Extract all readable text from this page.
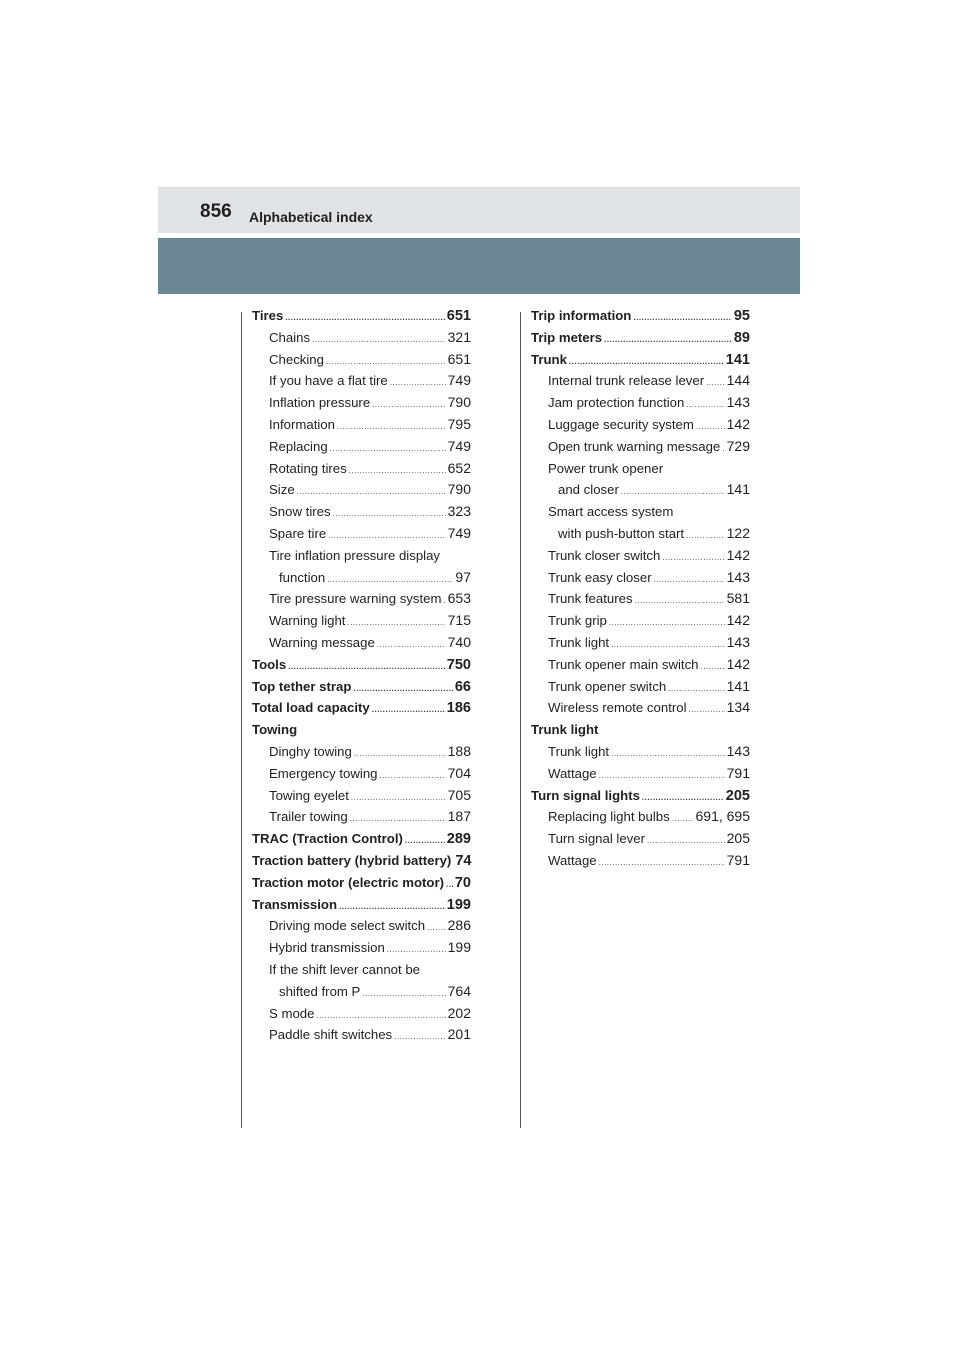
856 Alphabetical index
Tires .....	651
Chains .....	321
Checking .....	651
If you have a flat tire .....	749
Inflation pressure .....	790
Information .....	795
Replacing .....	749
Rotating tires .....	652
Size .....	790
Snow tires .....	323
Spare tire .....	749
Tire inflation pressure display
function .....	97
Tire pressure warning system ..... 653
Warning light .....	715
Warning message .....	740
Tools .....	750
Top tether strap .....	66
Total load capacity .....	186
Towing
Dinghy towing .....	188
Emergency towing .....	704
Towing eyelet .....	705
Trailer towing .....	187
TRAC (Traction Control) .....	289
Traction battery (hybrid battery) 74
Traction motor (electric motor) ..... 70
Transmission .....	199
Driving mode select switch ..... 286
Hybrid transmission .....	199
If the shift lever cannot be
shifted from P .....	764
S mode .....	202
Paddle shift switches .....	201
Trip information .....	95
Trip meters .....	89
Trunk .....	141
Internal trunk release lever ..... 144
Jam protection function .....	143
Luggage security system ..... 142
Open trunk warning message ..... 729
Power trunk opener
and closer .....	141
Smart access system
with push-button start .....	122
Trunk closer switch .....	142
Trunk easy closer .....	143
Trunk features .....	581
Trunk grip .....	142
Trunk light .....	143
Trunk opener main switch ..... 142
Trunk opener switch .....	141
Wireless remote control .....	134
Trunk light
Trunk light .....	143
Wattage .....	791
Turn signal lights .....	205
Replacing light bulbs ..... 691, 695
Turn signal lever .....	205
Wattage .....	791
